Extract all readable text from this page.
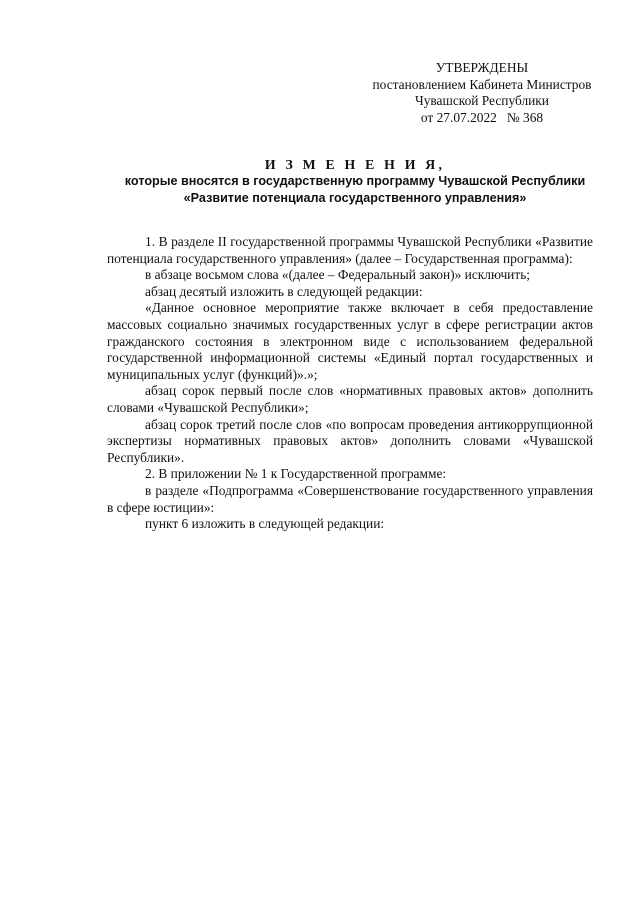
УТВЕРЖДЕНЫ
постановлением Кабинета Министров
Чувашской Республики
от 27.07.2022   № 368
И З М Е Н Е Н И Я,
которые вносятся в государственную программу Чувашской Республики
«Развитие потенциала государственного управления»

1. В разделе II государственной программы Чувашской Республики «Развитие потенциала государственного управления» (далее – Государственная программа):

в абзаце восьмом слова «(далее – Федеральный закон)» исключить;

абзац десятый изложить в следующей редакции:

«Данное основное мероприятие также включает в себя предоставление массовых социально значимых государственных услуг в сфере регистрации актов гражданского состояния в электронном виде с использованием федеральной государственной информационной системы «Единый портал государственных и муниципальных услуг (функций)».»;

абзац сорок первый после слов «нормативных правовых актов» дополнить словами «Чувашской Республики»;

абзац сорок третий после слов «по вопросам проведения антикоррупционной экспертизы нормативных правовых актов» дополнить словами «Чувашской Республики».

2. В приложении № 1 к Государственной программе:

в разделе «Подпрограмма «Совершенствование государственного управления в сфере юстиции»:

пункт 6 изложить в следующей редакции:
